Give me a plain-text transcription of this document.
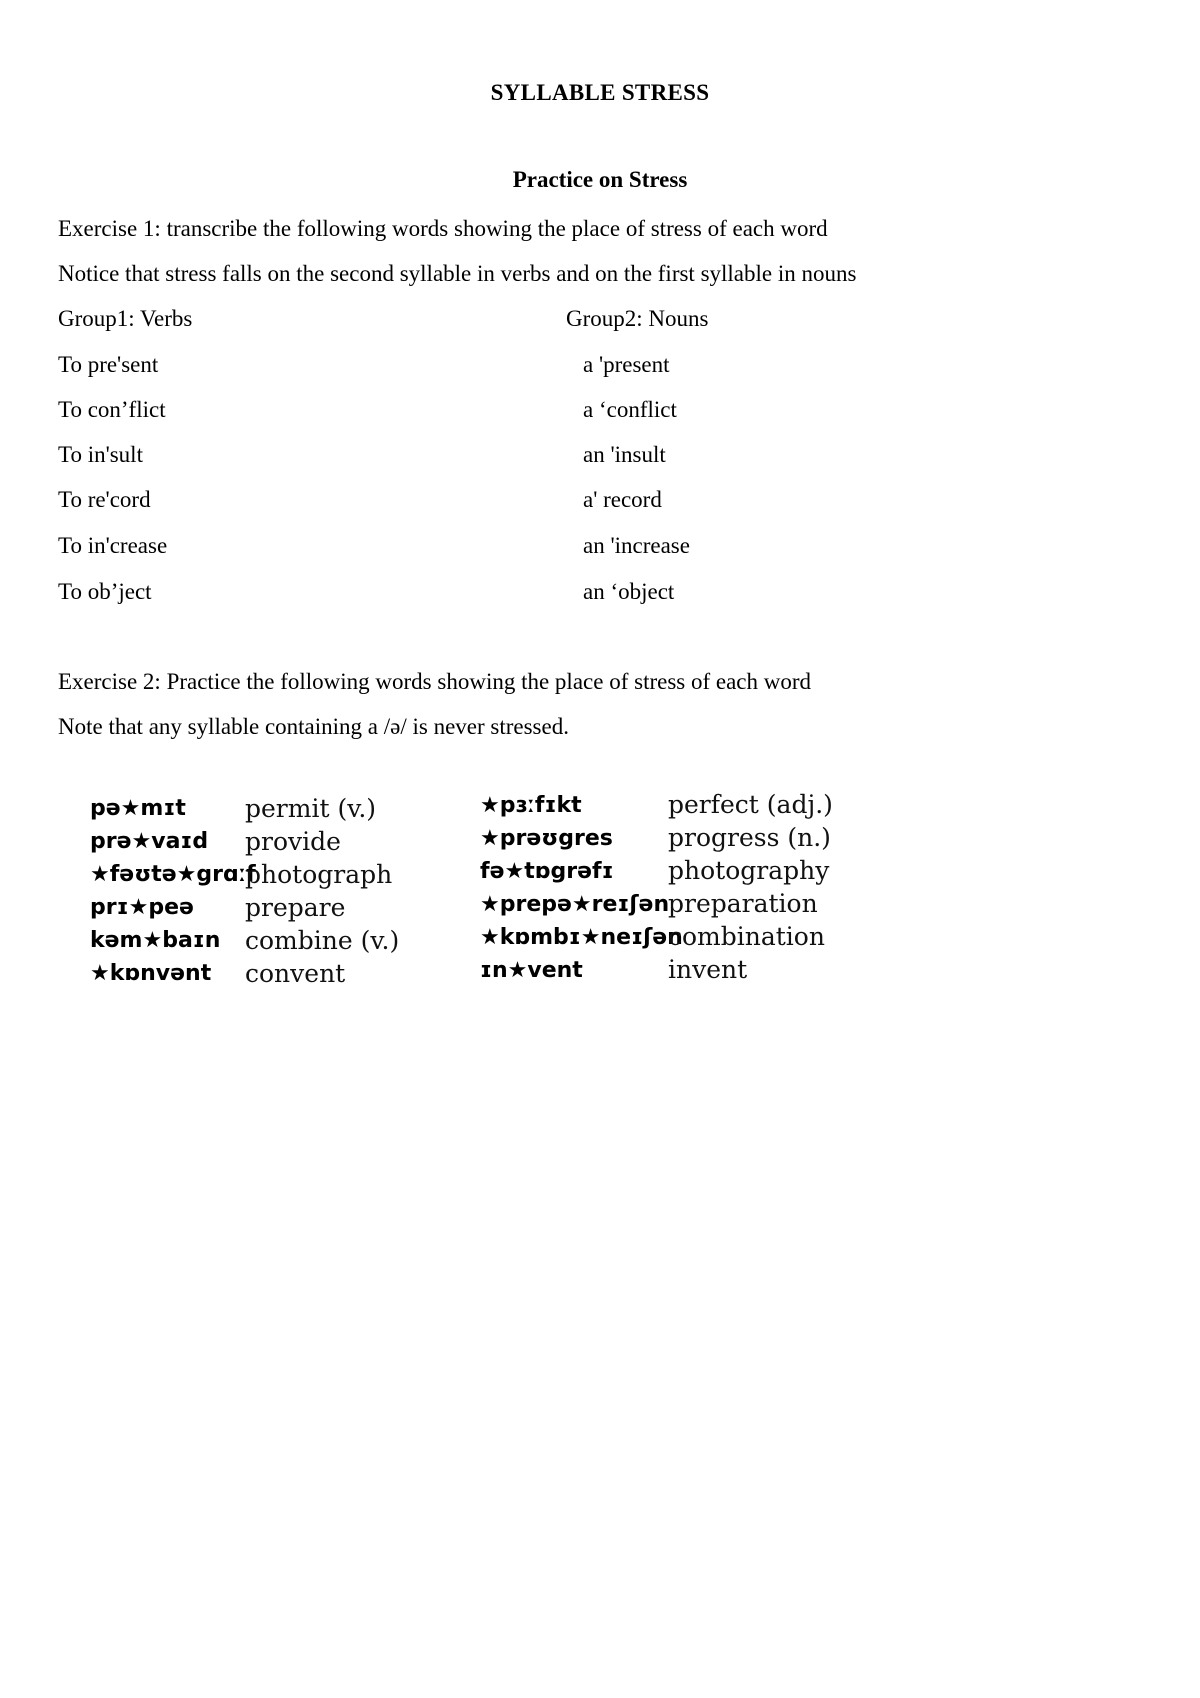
SYLLABLE STRESS
Practice on Stress
Exercise 1: transcribe the following words showing the place of stress of each word
Notice that stress falls on the second syllable in verbs and on the first syllable in nouns
Group1: Verbs	Group2: Nouns
To pre'sent
To con’flict
To in'sult
To re'cord
To in'crease
To ob’ject
a 'present
a ‘conflict
an 'insult
a' record
an 'increase
an ‘object
Exercise 2: Practice the following words showing the place of stress of each word
Note that any syllable containing a /ə/ is never stressed.
pə★mɪt
prə★vaɪd
★fəʊtə★grɑːf
prɪ★peə
kəm★baɪn
★kɒnvənt
permit (v.)
provide
photograph
prepare
combine (v.)
convent
★pɜːfɪkt
★prəʊgres
fə★tɒgrəfɪ
★prepə★reɪʃən
★kɒmbɪ★neɪʃən
ɪn★vent
perfect (adj.)
progress (n.)
photography
preparation
combination
invent
